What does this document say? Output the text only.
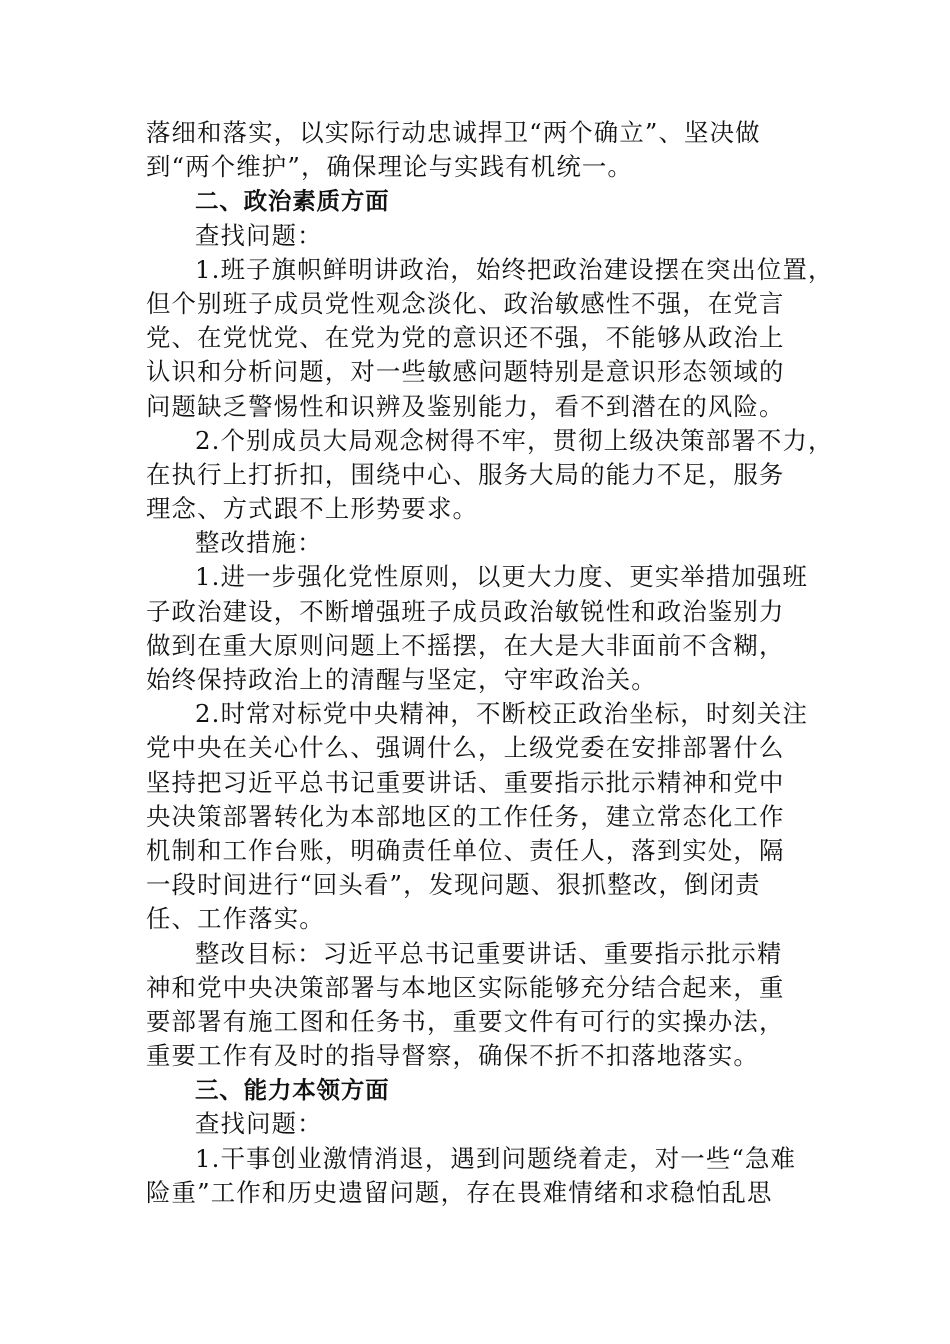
落细和落实，以实际行动忠诚捍卫“两个确立”、坚决做
到“两个维护”，确保理论与实践有机统一。
二、政治素质方面
查找问题：
1.班子旗帜鲜明讲政治，始终把政治建设摆在突出位置，
但个别班子成员党性观念淡化、政治敏感性不强，在党言
党、在党忧党、在党为党的意识还不强，不能够从政治上
认识和分析问题，对一些敏感问题特别是意识形态领域的
问题缺乏警惕性和识辨及鉴别能力，看不到潜在的风险。
2.个别成员大局观念树得不牢，贯彻上级决策部署不力，
在执行上打折扣，围绕中心、服务大局的能力不足，服务
理念、方式跟不上形势要求。
整改措施：
1.进一步强化党性原则，以更大力度、更实举措加强班
子政治建设，不断增强班子成员政治敏锐性和政治鉴别力
做到在重大原则问题上不摇摆，在大是大非面前不含糊，
始终保持政治上的清醒与坚定，守牢政治关。
2.时常对标党中央精神，不断校正政治坐标，时刻关注
党中央在关心什么、强调什么，上级党委在安排部署什么
坚持把习近平总书记重要讲话、重要指示批示精神和党中
央决策部署转化为本部地区的工作任务，建立常态化工作
机制和工作台账，明确责任单位、责任人，落到实处，隔
一段时间进行“回头看”，发现问题、狠抓整改，倒闭责
任、工作落实。
整改目标：习近平总书记重要讲话、重要指示批示精
神和党中央决策部署与本地区实际能够充分结合起来，重
要部署有施工图和任务书，重要文件有可行的实操办法，
重要工作有及时的指导督察，确保不折不扣落地落实。
三、能力本领方面
查找问题：
1.干事创业激情消退，遇到问题绕着走，对一些“急难
险重”工作和历史遗留问题，存在畏难情绪和求稳怕乱思
